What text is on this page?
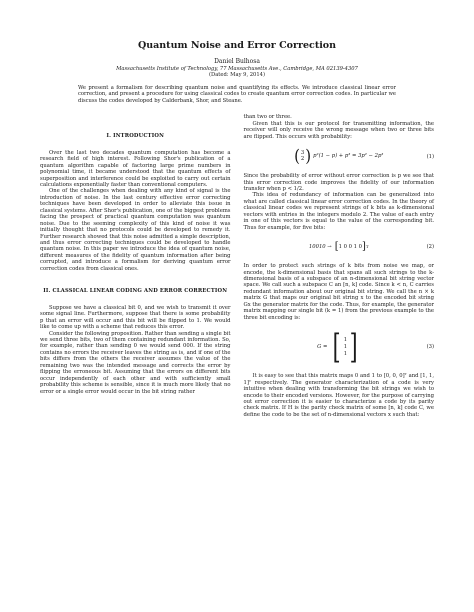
Quantum Noise and Error Correction
Daniel Bulhosa
Massachusetts Institute of Technology, 77 Massachusetts Ave., Cambridge, MA 02139-4307
(Dated: May 9, 2014)
We present a formalism for describing quantum noise and quantifying its effects. We introduce classical linear error correction, and present a procedure for using classical codes to create quantum error correction codes. In particular we discuss the codes developed by Calderbank, Shor, and Steane.
I. INTRODUCTION

Over the last two decades quantum computation has become a research field of high interest. Following Shor's publication of a quantum algorithm capable of factoring large prime numbers in polynomial time, it became understood that the quantum effects of superposition and interference could be exploited to carry out certain calculations exponentially faster than conventional computers.

One of the challenges when dealing with any kind of signal is the introduction of noise. In the last century effective error correcting techniques have been developed in order to alleviate this issue in classical systems. After Shor's publication, one of the biggest problems facing the prospect of practical quantum computation was quantum noise. Due to the seeming complexity of this kind of noise it was initially thought that no protocols could be developed to remedy it. Further research showed that this noise admitted a simple description, and thus error correcting techniques could be developed to handle quantum noise. In this paper we introduce the idea of quantum noise, different measures of the fidelity of quantum information after being corrupted, and introduce a formalism for deriving quantum error correction codes from classical ones.

II. CLASSICAL LINEAR CODING AND ERROR CORRECTION

Suppose we have a classical bit 0, and we wish to transmit it over some signal line. Furthermore, suppose that there is some probability p that an error will occur and this bit will be flipped to 1. We would like to come up with a scheme that reduces this error.

Consider the following proposition. Rather than sending a single bit we send three bits, two of them containing redundant information. So, for example, rather than sending 0 we would send 000. If the string contains no errors the receiver leaves the string as is, and if one of the bits differs from the others the receiver assumes the value of the remaining two was the intended message and corrects the error by flipping the erroneous bit. Assuming that the errors on different bits occur independently of each other and with sufficiently small probability this scheme is sensible, since it is much more likely that no error or a single error would occur in the bit string rather

than two or three.

Given that this is our protocol for transmitting information, the receiver will only receive the wrong message when two or three bits are flipped. This occurs with probability:

( 3
2 ) p²(1 − p) + p³ = 3p² − 2p³	(1)

Since the probability of error without error correction is p we see that this error correction code improves the fidelity of our information transfer when p < 1/2.

This idea of redundancy of information can be generalized into what are called classical linear error correction codes. In the theory of classical linear codes we represent strings of k bits as k-dimensional vectors with entries in the integers modulo 2. The value of each entry in one of this vectors is equal to the value of the corresponding bit. Thus for example, for five bits:

10010 → [ 1 0 0 1 0 ] T	(2)

In order to protect such strings of k bits from noise we map, or encode, the k-dimensional basis that spans all such strings to the k-dimensional basis of a subspace of an n-dimensional bit string vector space. We call such a subspace C an [n, k] code. Since k < n, C carries redundant information about our original bit string. We call the n × k matrix G that maps our original bit string x to the encoded bit string Gx the generator matrix for the code. Thus, for example, the generator matrix mapping our single bit (k = 1) from the previous example to the three bit encoding is:

G = [ 1
1
1 ]	(3)

It is easy to see that this matrix maps 0 and 1 to [0, 0, 0]ᵀ and [1, 1, 1]ᵀ respectively. The generator characterization of a code is very intuitive when dealing with transforming the bit strings we wish to encode to their encoded versions. However, for the purpose of carrying out error correction it is easier to characterize a code by its parity check matrix. If H is the parity check matrix of some [n, k] code C, we define the code to be the set of n-dimensional vectors x such that:
